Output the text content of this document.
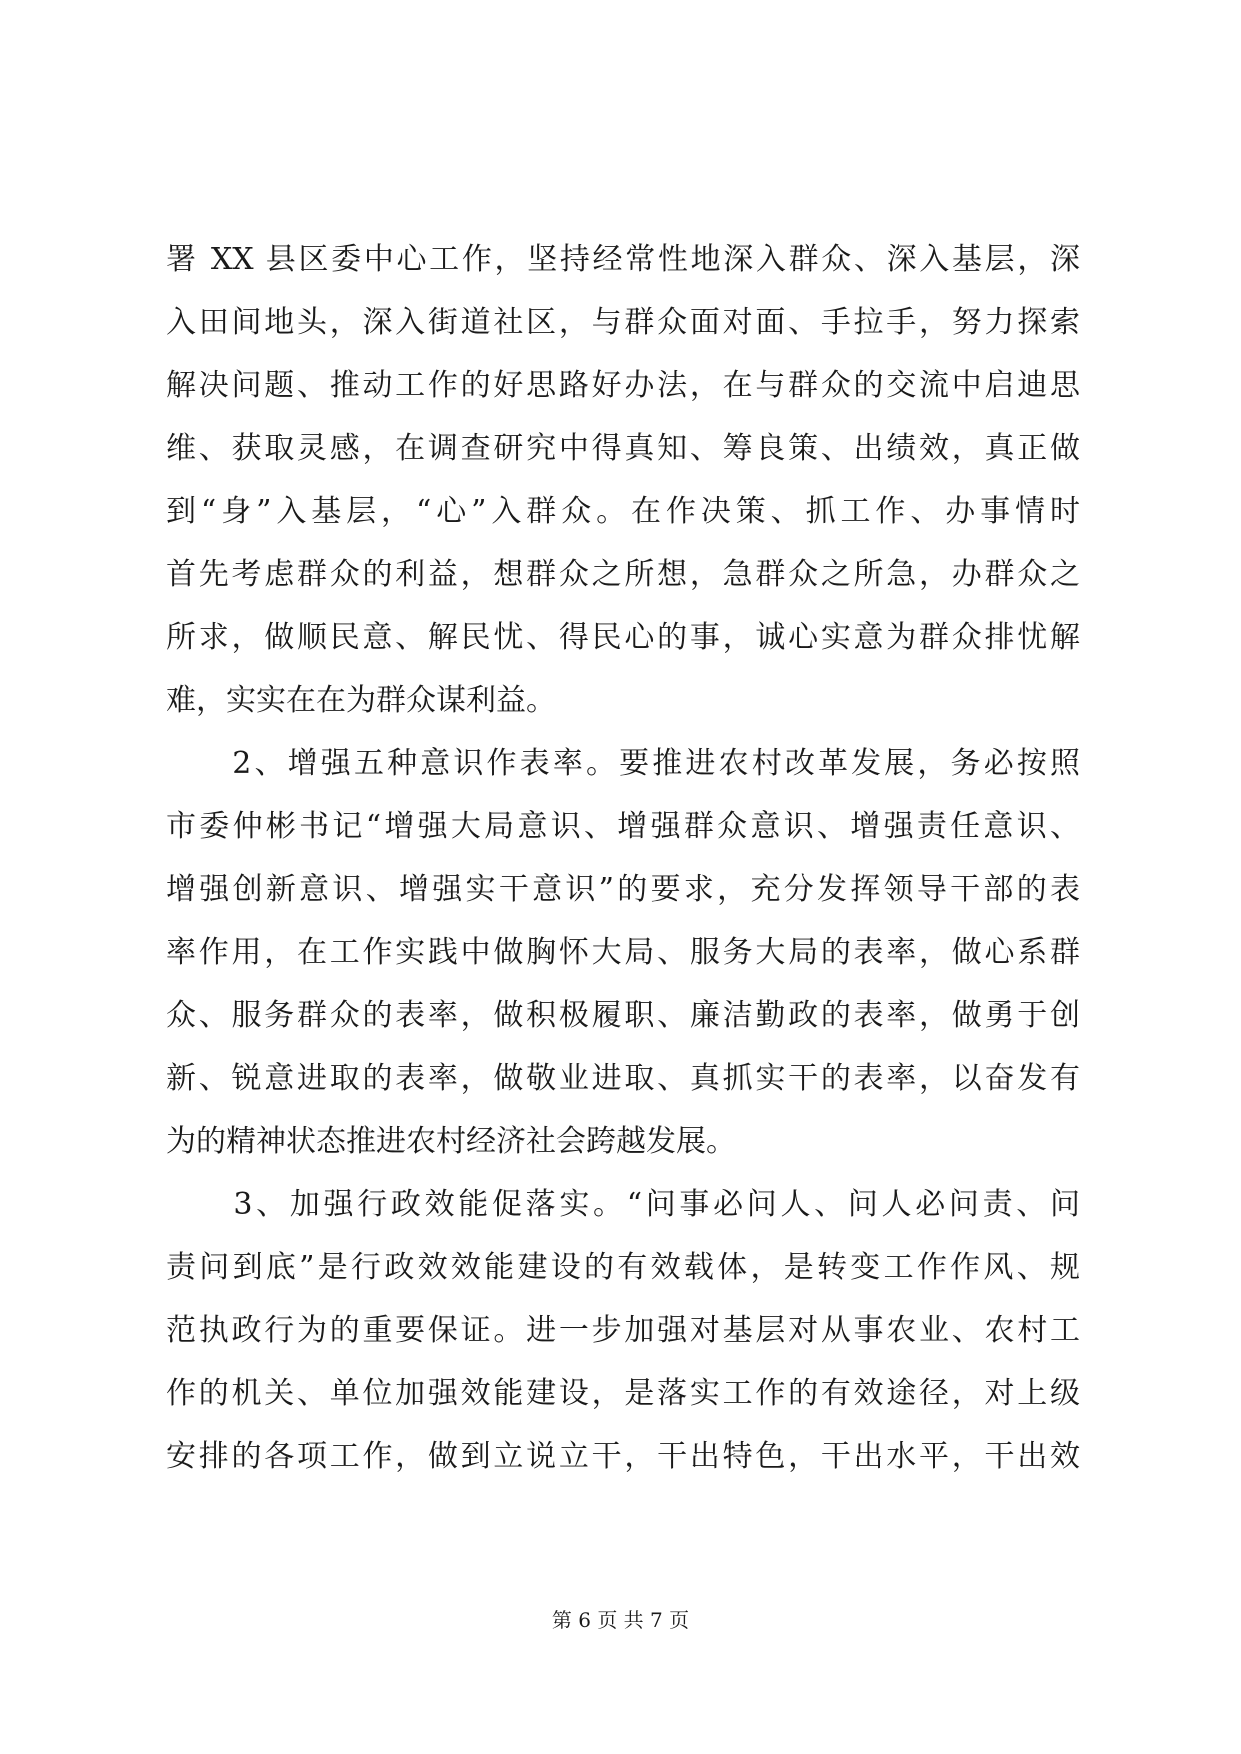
署 XX 县区委中心工作，坚持经常性地深入群众、深入基层，深
入田间地头，深入街道社区，与群众面对面、手拉手，努力探索
解决问题、推动工作的好思路好办法，在与群众的交流中启迪思
维、获取灵感，在调查研究中得真知、筹良策、出绩效，真正做
到“身”入基层，“心”入群众。在作决策、抓工作、办事情时
首先考虑群众的利益，想群众之所想，急群众之所急，办群众之
所求，做顺民意、解民忧、得民心的事，诚心实意为群众排忧解
难，实实在在为群众谋利益。
　　2、增强五种意识作表率。要推进农村改革发展，务必按照
市委仲彬书记“增强大局意识、增强群众意识、增强责任意识、
增强创新意识、增强实干意识”的要求，充分发挥领导干部的表
率作用，在工作实践中做胸怀大局、服务大局的表率，做心系群
众、服务群众的表率，做积极履职、廉洁勤政的表率，做勇于创
新、锐意进取的表率，做敬业进取、真抓实干的表率，以奋发有
为的精神状态推进农村经济社会跨越发展。
　　3、加强行政效能促落实。“问事必问人、问人必问责、问
责问到底”是行政效效能建设的有效载体，是转变工作作风、规
范执政行为的重要保证。进一步加强对基层对从事农业、农村工
作的机关、单位加强效能建设，是落实工作的有效途径，对上级
安排的各项工作，做到立说立干，干出特色，干出水平，干出效
第 6 页 共 7 页
